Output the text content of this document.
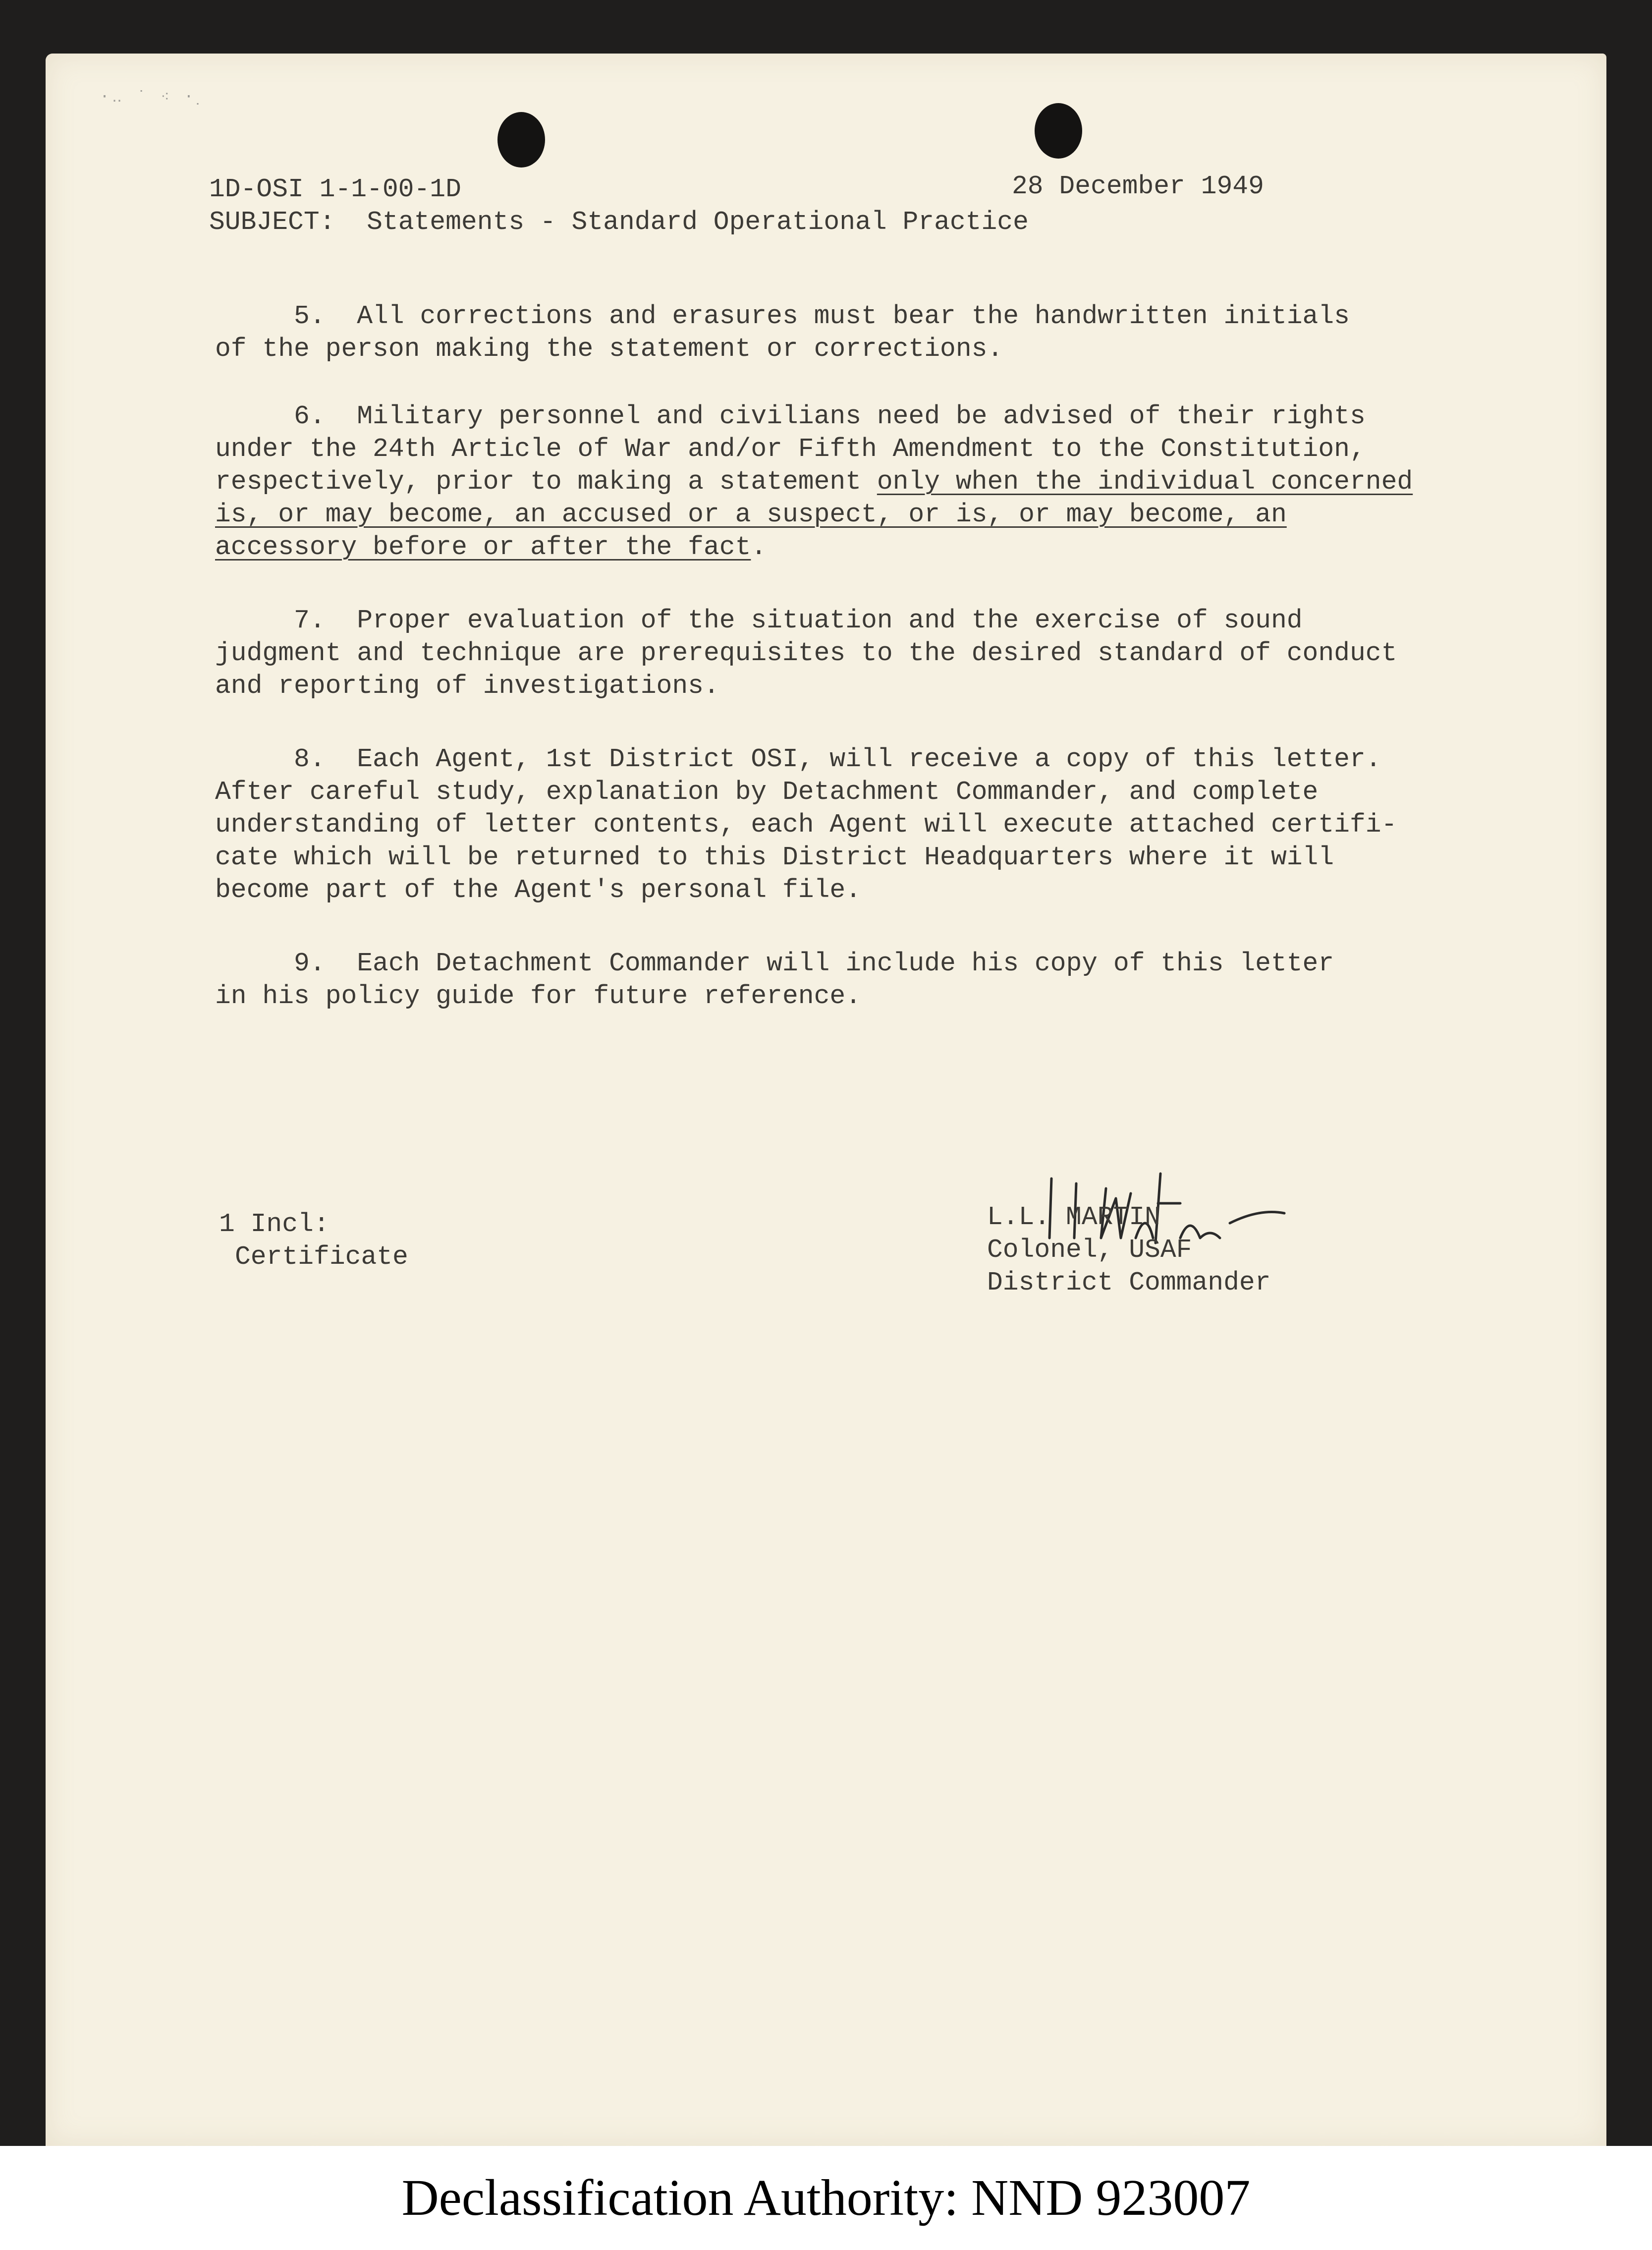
·‥ ˙ ⁖ ·̣

1D-OSI 1-1-00-1D	28 December 1949

SUBJECT: Statements - Standard Operational Practice

5.  All corrections and erasures must bear the handwritten initials

of the person making the statement or corrections.

6.  Military personnel and civilians need be advised of their rights

under the 24th Article of War and/or Fifth Amendment to the Constitution,

respectively, prior to making a statement only when the individual concerned

is, or may become, an accused or a suspect, or is, or may become, an

accessory before or after the fact.

7.  Proper evaluation of the situation and the exercise of sound

judgment and technique are prerequisites to the desired standard of conduct

and reporting of investigations.

8.  Each Agent, 1st District OSI, will receive a copy of this letter.

After careful study, explanation by Detachment Commander, and complete

understanding of letter contents, each Agent will execute attached certifi-

cate which will be returned to this District Headquarters where it will

become part of the Agent's personal file.

9.  Each Detachment Commander will include his copy of this letter

in his policy guide for future reference.

1 Incl:

Certificate

L.L. MARTIN

Colonel, USAF

District Commander

Declassification Authority: NND 923007
